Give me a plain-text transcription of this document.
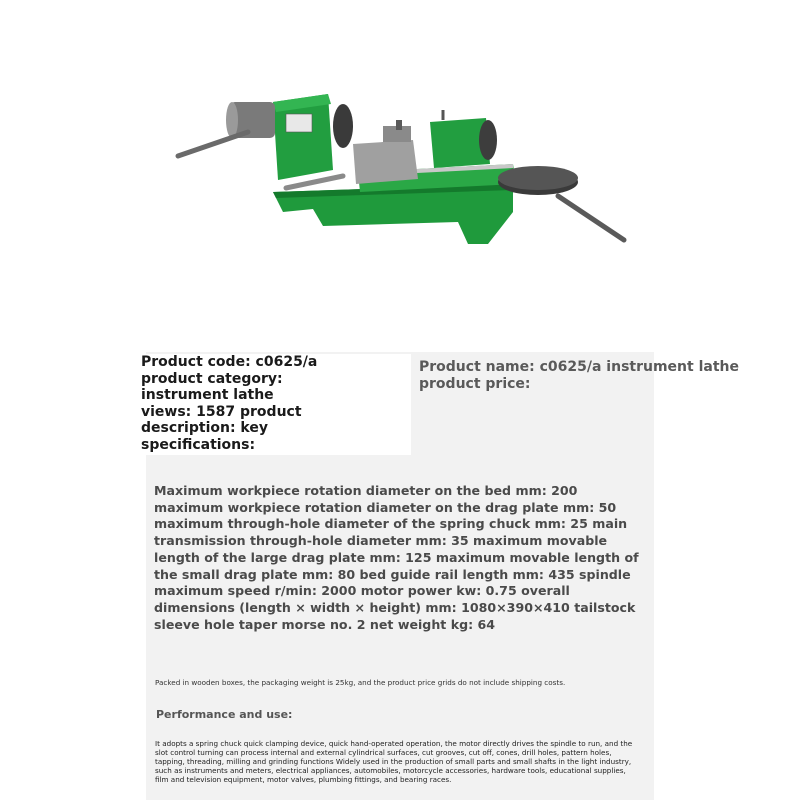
Product code: c0625/a
product category:
instrument lathe
views: 1587 product
description: key
specifications:
Product name: c0625/a instrument lathe
product price:
Maximum workpiece rotation diameter on the bed mm: 200 maximum workpiece rotation diameter on the drag plate mm: 50 maximum through-hole diameter of the spring chuck mm: 25 main transmission through-hole diameter mm: 35 maximum movable length of the large drag plate mm: 125 maximum movable length of the small drag plate mm: 80 bed guide rail length mm: 435 spindle maximum speed r/min: 2000 motor power kw: 0.75 overall dimensions (length × width × height) mm: 1080×390×410 tailstock sleeve hole taper morse no. 2 net weight kg: 64
Packed in wooden boxes, the packaging weight is 25kg, and the product price grids do not include shipping costs.
Performance and use:
It adopts a spring chuck quick clamping device, quick hand-operated operation, the motor directly drives the spindle to run, and the slot control turning can process internal and external cylindrical surfaces, cut grooves, cut off, cones, drill holes, pattern holes, tapping, threading, milling and grinding functions Widely used in the production of small parts and small shafts in the light industry, such as instruments and meters, electrical appliances, automobiles, motorcycle accessories, hardware tools, educational supplies, film and television equipment, motor valves, plumbing fittings, and bearing races.
